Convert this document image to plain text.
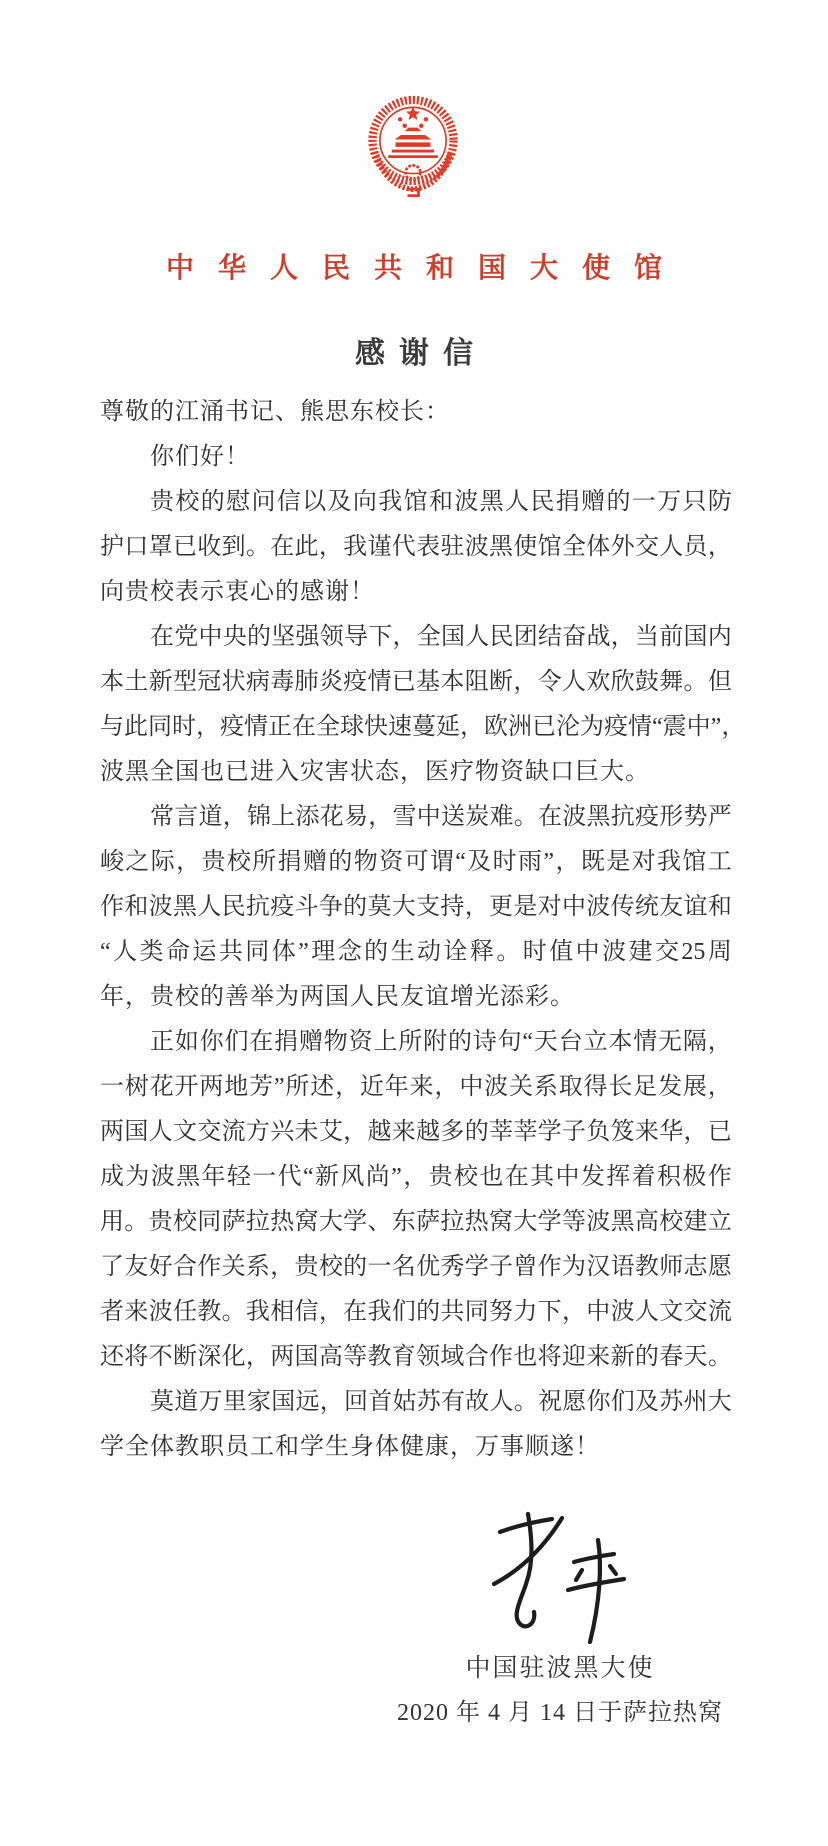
中华人民共和国大使馆
感谢信
尊敬的江涌书记、熊思东校长：
你们好！
贵 校 的 慰 问 信 以 及 向 我 馆 和 波 黑 人 民 捐 赠 的 一 万 只 防
护 口 罩 已 收 到 。 在 此 ， 我 谨 代 表 驻 波 黑 使 馆 全 体 外 交 人 员 ，
向贵校表示衷心的感谢！
在 党 中 央 的 坚 强 领 导 下 ， 全 国 人 民 团 结 奋 战 ， 当 前 国 内
本 土 新 型 冠 状 病 毒 肺 炎 疫 情 已 基 本 阻 断 ， 令 人 欢 欣 鼓 舞 。 但
与 此 同 时 ， 疫 情 正 在 全 球 快 速 蔓 延 ， 欧 洲 已 沦 为 疫 情 “ 震 中 ” ，
波黑全国也已进入灾害状态，医疗物资缺口巨大。
常 言 道 ， 锦 上 添 花 易 ， 雪 中 送 炭 难 。 在 波 黑 抗 疫 形 势 严
峻 之 际 ， 贵 校 所 捐 赠 的 物 资 可 谓 “ 及 时 雨 ” ， 既 是 对 我 馆 工
作 和 波 黑 人 民 抗 疫 斗 争 的 莫 大 支 持 ， 更 是 对 中 波 传 统 友 谊 和
“ 人 类 命 运 共 同 体 ” 理 念 的 生 动 诠 释 。 时 值 中 波 建 交 25 周
年，贵校的善举为两国人民友谊增光添彩。
正 如 你 们 在 捐 赠 物 资 上 所 附 的 诗 句 “ 天 台 立 本 情 无 隔 ，
一 树 花 开 两 地 芳 ” 所 述 ， 近 年 来 ， 中 波 关 系 取 得 长 足 发 展 ，
两 国 人 文 交 流 方 兴 未 艾 ， 越 来 越 多 的 莘 莘 学 子 负 笈 来 华 ， 已
成 为 波 黑 年 轻 一 代 “ 新 风 尚 ” ， 贵 校 也 在 其 中 发 挥 着 积 极 作
用 。 贵 校 同 萨 拉 热 窝 大 学 、 东 萨 拉 热 窝 大 学 等 波 黑 高 校 建 立
了 友 好 合 作 关 系 ， 贵 校 的 一 名 优 秀 学 子 曾 作 为 汉 语 教 师 志 愿
者 来 波 任 教 。 我 相 信 ， 在 我 们 的 共 同 努 力 下 ， 中 波 人 文 交 流
还 将 不 断 深 化 ， 两 国 高 等 教 育 领 域 合 作 也 将 迎 来 新 的 春 天 。
莫 道 万 里 家 国 远 ， 回 首 姑 苏 有 故 人 。 祝 愿 你 们 及 苏 州 大
学全体教职员工和学生身体健康，万事顺遂！
中国驻波黑大使
2020 年 4 月 14 日于萨拉热窝
